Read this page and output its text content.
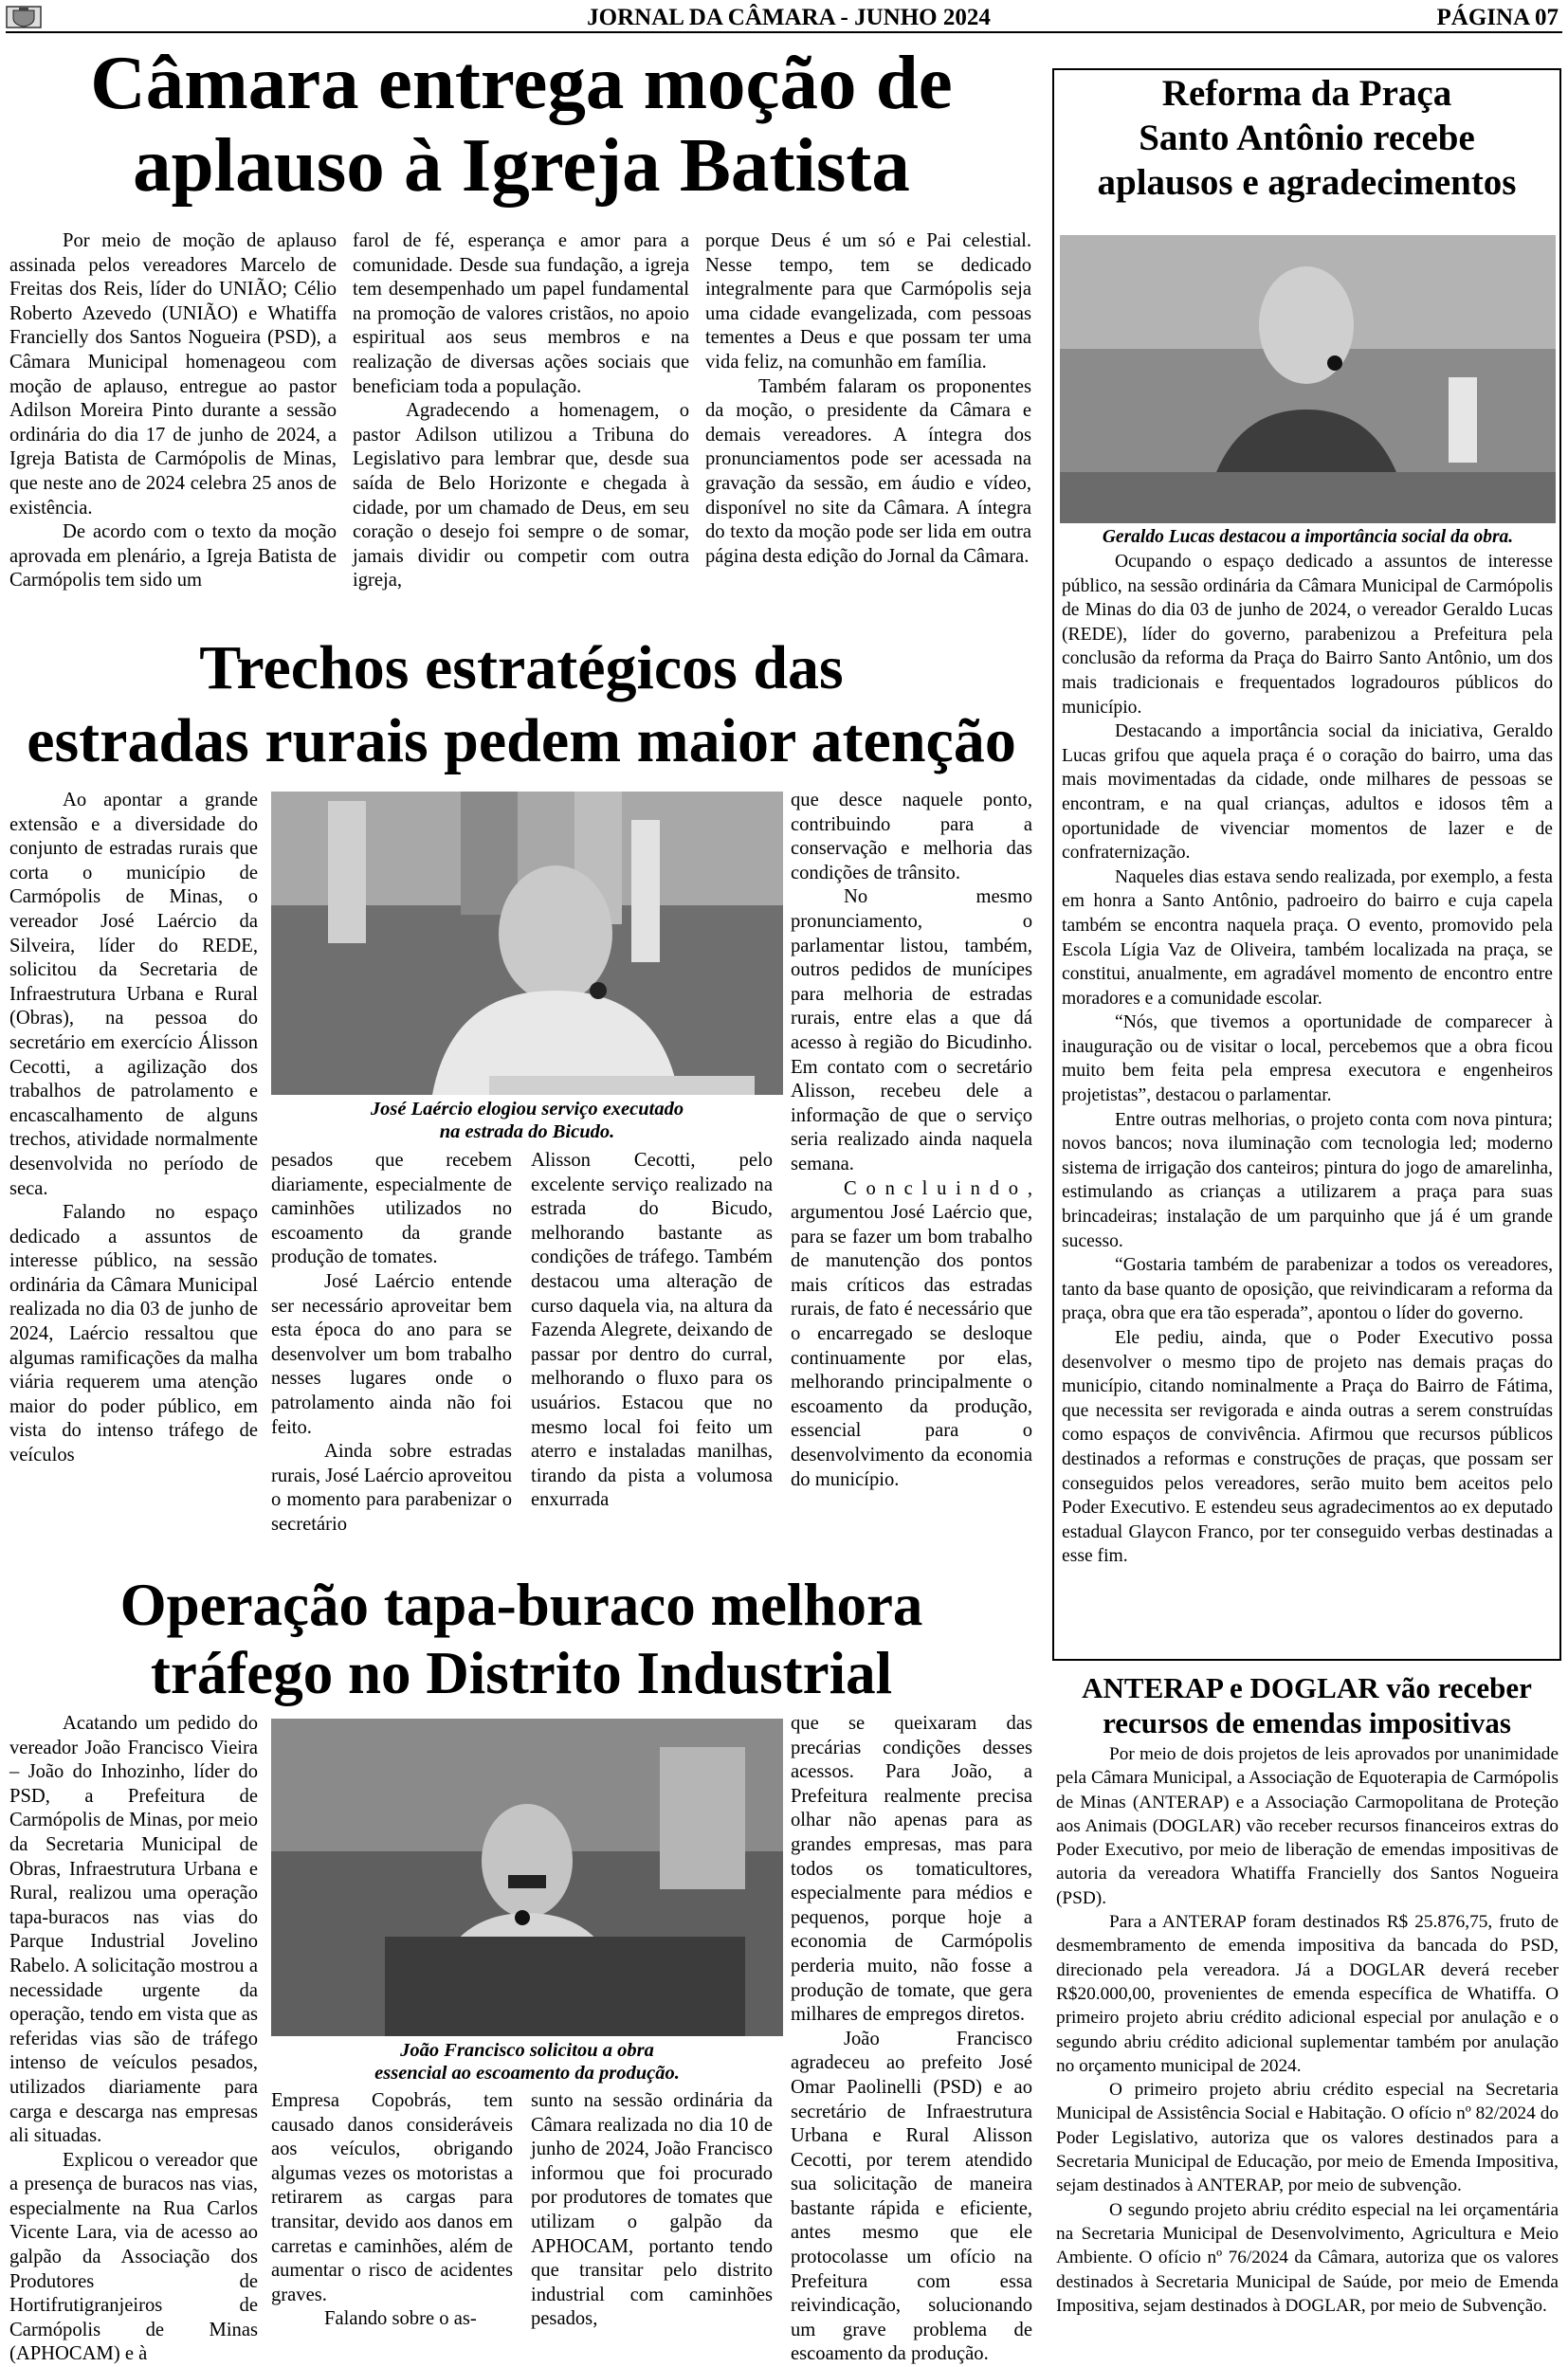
JORNAL DA CÂMARA - JUNHO 2024	PÁGINA 07
Câmara entrega moção de
aplauso à Igreja Batista

Por meio de moção de aplauso assinada pelos vereadores Marcelo de Freitas dos Reis, líder do UNIÃO; Célio Roberto Azevedo (UNIÃO) e Whatiffa Francielly dos Santos Nogueira (PSD), a Câmara Municipal homenageou com moção de aplauso, entregue ao pastor Adilson Moreira Pinto durante a sessão ordinária do dia 17 de junho de 2024, a Igreja Batista de Carmópolis de Minas, que neste ano de 2024 celebra 25 anos de existência.

De acordo com o texto da moção aprovada em plenário, a Igreja Batista de Carmópolis tem sido um

farol de fé, esperança e amor para a comunidade. Desde sua fundação, a igreja tem desempenhado um papel fundamental na promoção de valores cristãos, no apoio espiritual aos seus membros e na realização de diversas ações sociais que beneficiam toda a população.

Agradecendo a homenagem, o pastor Adilson utilizou a Tribuna do Legislativo para lembrar que, desde sua saída de Belo Horizonte e chegada à cidade, por um chamado de Deus, em seu coração o desejo foi sempre o de somar, jamais dividir ou competir com outra igreja,

porque Deus é um só e Pai celestial. Nesse tempo, tem se dedicado integralmente para que Carmópolis seja uma cidade evangelizada, com pessoas tementes a Deus e que possam ter uma vida feliz, na comunhão em família.

Também falaram os proponentes da moção, o presidente da Câmara e demais vereadores. A íntegra dos pronunciamentos pode ser acessada na gravação da sessão, em áudio e vídeo, disponível no site da Câmara. A íntegra do texto da moção pode ser lida em outra página desta edição do Jornal da Câmara.

Trechos estratégicos das
estradas rurais pedem maior atenção

Ao apontar a grande extensão e a diversidade do conjunto de estradas rurais que corta o município de Carmópolis de Minas, o vereador José Laércio da Silveira, líder do REDE, solicitou da Secretaria de Infraestrutura Urbana e Rural (Obras), na pessoa do secretário em exercício Álisson Cecotti, a agilização dos trabalhos de patrolamento e encascalhamento de alguns trechos, atividade normalmente desenvolvida no período de seca.

Falando no espaço dedicado a assuntos de interesse público, na sessão ordinária da Câmara Municipal realizada no dia 03 de junho de 2024, Laércio ressaltou que algumas ramificações da malha viária requerem uma atenção maior do poder público, em vista do intenso tráfego de veículos

José Laércio elogiou serviço executado
na estrada do Bicudo.

pesados que recebem diariamente, especialmente de caminhões utilizados no escoamento da grande produção de tomates.

José Laércio entende ser necessário aproveitar bem esta época do ano para se desenvolver um bom trabalho nesses lugares onde o patrolamento ainda não foi feito.

Ainda sobre estradas rurais, José Laércio aproveitou o momento para parabenizar o secretário

Alisson Cecotti, pelo excelente serviço realizado na estrada do Bicudo, melhorando bastante as condições de tráfego. Também destacou uma alteração de curso daquela via, na altura da Fazenda Alegrete, deixando de passar por dentro do curral, melhorando o fluxo para os usuários. Estacou que no mesmo local foi feito um aterro e instaladas manilhas, tirando da pista a volumosa enxurrada

que desce naquele ponto, contribuindo para a conservação e melhoria das condições de trânsito.

No mesmo pronunciamento, o parlamentar listou, também, outros pedidos de munícipes para melhoria de estradas rurais, entre elas a que dá acesso à região do Bicudinho. Em contato com o secretário Alisson, recebeu dele a informação de que o serviço seria realizado ainda naquela semana.

C o n c l u i n d o , argumentou José Laércio que, para se fazer um bom trabalho de manutenção dos pontos mais críticos das estradas rurais, de fato é necessário que o encarregado se desloque continuamente por elas, melhorando principalmente o escoamento da produção, essencial para o desenvolvimento da economia do município.

Operação tapa-buraco melhora
tráfego no Distrito Industrial

Acatando um pedido do vereador João Francisco Vieira – João do Inhozinho, líder do PSD, a Prefeitura de Carmópolis de Minas, por meio da Secretaria Municipal de Obras, Infraestrutura Urbana e Rural, realizou uma operação tapa-buracos nas vias do Parque Industrial Jovelino Rabelo. A solicitação mostrou a necessidade urgente da operação, tendo em vista que as referidas vias são de tráfego intenso de veículos pesados, utilizados diariamente para carga e descarga nas empresas ali situadas.

Explicou o vereador que a presença de buracos nas vias, especialmente na Rua Carlos Vicente Lara, via de acesso ao galpão da Associação dos Produtores de Hortifrutigranjeiros de Carmópolis de Minas (APHOCAM) e à

João Francisco solicitou a obra
essencial ao escoamento da produção.

Empresa Copobrás, tem causado danos consideráveis aos veículos, obrigando algumas vezes os motoristas a retirarem as cargas para transitar, devido aos danos em carretas e caminhões, além de aumentar o risco de acidentes graves.

Falando sobre o as-

sunto na sessão ordinária da Câmara realizada no dia 10 de junho de 2024, João Francisco informou que foi procurado por produtores de tomates que utilizam o galpão da APHOCAM, portanto tendo que transitar pelo distrito industrial com caminhões pesados,

que se queixaram das precárias condições desses acessos. Para João, a Prefeitura realmente precisa olhar não apenas para as grandes empresas, mas para todos os tomaticultores, especialmente para médios e pequenos, porque hoje a economia de Carmópolis perderia muito, não fosse a produção de tomate, que gera milhares de empregos diretos.

João Francisco agradeceu ao prefeito José Omar Paolinelli (PSD) e ao secretário de Infraestrutura Urbana e Rural Alisson Cecotti, por terem atendido sua solicitação de maneira bastante rápida e eficiente, antes mesmo que ele protocolasse um ofício na Prefeitura com essa reivindicação, solucionando um grave problema de escoamento da produção.

Reforma da Praça
Santo Antônio recebe
aplausos e agradecimentos
Geraldo Lucas destacou a importância social da obra.

Ocupando o espaço dedicado a assuntos de interesse público, na sessão ordinária da Câmara Municipal de Carmópolis de Minas do dia 03 de junho de 2024, o vereador Geraldo Lucas (REDE), líder do governo, parabenizou a Prefeitura pela conclusão da reforma da Praça do Bairro Santo Antônio, um dos mais tradicionais e frequentados logradouros públicos do município.

Destacando a importância social da iniciativa, Geraldo Lucas grifou que aquela praça é o coração do bairro, uma das mais movimentadas da cidade, onde milhares de pessoas se encontram, e na qual crianças, adultos e idosos têm a oportunidade de vivenciar momentos de lazer e de confraternização.

Naqueles dias estava sendo realizada, por exemplo, a festa em honra a Santo Antônio, padroeiro do bairro e cuja capela também se encontra naquela praça. O evento, promovido pela Escola Lígia Vaz de Oliveira, também localizada na praça, se constitui, anualmente, em agradável momento de encontro entre moradores e a comunidade escolar.

“Nós, que tivemos a oportunidade de comparecer à inauguração ou de visitar o local, percebemos que a obra ficou muito bem feita pela empresa executora e engenheiros projetistas”, destacou o parlamentar.

Entre outras melhorias, o projeto conta com nova pintura; novos bancos; nova iluminação com tecnologia led; moderno sistema de irrigação dos canteiros; pintura do jogo de amarelinha, estimulando as crianças a utilizarem a praça para suas brincadeiras; instalação de um parquinho que já é um grande sucesso.

“Gostaria também de parabenizar a todos os vereadores, tanto da base quanto de oposição, que reivindicaram a reforma da praça, obra que era tão esperada”, apontou o líder do governo.

Ele pediu, ainda, que o Poder Executivo possa desenvolver o mesmo tipo de projeto nas demais praças do município, citando nominalmente a Praça do Bairro de Fátima, que necessita ser revigorada e ainda outras a serem construídas como espaços de convivência. Afirmou que recursos públicos destinados a reformas e construções de praças, que possam ser conseguidos pelos vereadores, serão muito bem aceitos pelo Poder Executivo. E estendeu seus agradecimentos ao ex deputado estadual Glaycon Franco, por ter conseguido verbas destinadas a esse fim.

ANTERAP e DOGLAR vão receber
recursos de emendas impositivas

Por meio de dois projetos de leis aprovados por unanimidade pela Câmara Municipal, a Associação de Equoterapia de Carmópolis de Minas (ANTERAP) e a Associação Carmopolitana de Proteção aos Animais (DOGLAR) vão receber recursos financeiros extras do Poder Executivo, por meio de liberação de emendas impositivas de autoria da vereadora Whatiffa Francielly dos Santos Nogueira (PSD).

Para a ANTERAP foram destinados R$ 25.876,75, fruto de desmembramento de emenda impositiva da bancada do PSD, direcionado pela vereadora. Já a DOGLAR deverá receber R$20.000,00, provenientes de emenda específica de Whatiffa. O primeiro projeto abriu crédito adicional especial por anulação e o segundo abriu crédito adicional suplementar também por anulação no orçamento municipal de 2024.

O primeiro projeto abriu crédito especial na Secretaria Municipal de Assistência Social e Habitação. O ofício nº 82/2024 do Poder Legislativo, autoriza que os valores destinados para a Secretaria Municipal de Educação, por meio de Emenda Impositiva, sejam destinados à ANTERAP, por meio de subvenção.

O segundo projeto abriu crédito especial na lei orçamentária na Secretaria Municipal de Desenvolvimento, Agricultura e Meio Ambiente. O ofício nº 76/2024 da Câmara, autoriza que os valores destinados à Secretaria Municipal de Saúde, por meio de Emenda Impositiva, sejam destinados à DOGLAR, por meio de Subvenção.
